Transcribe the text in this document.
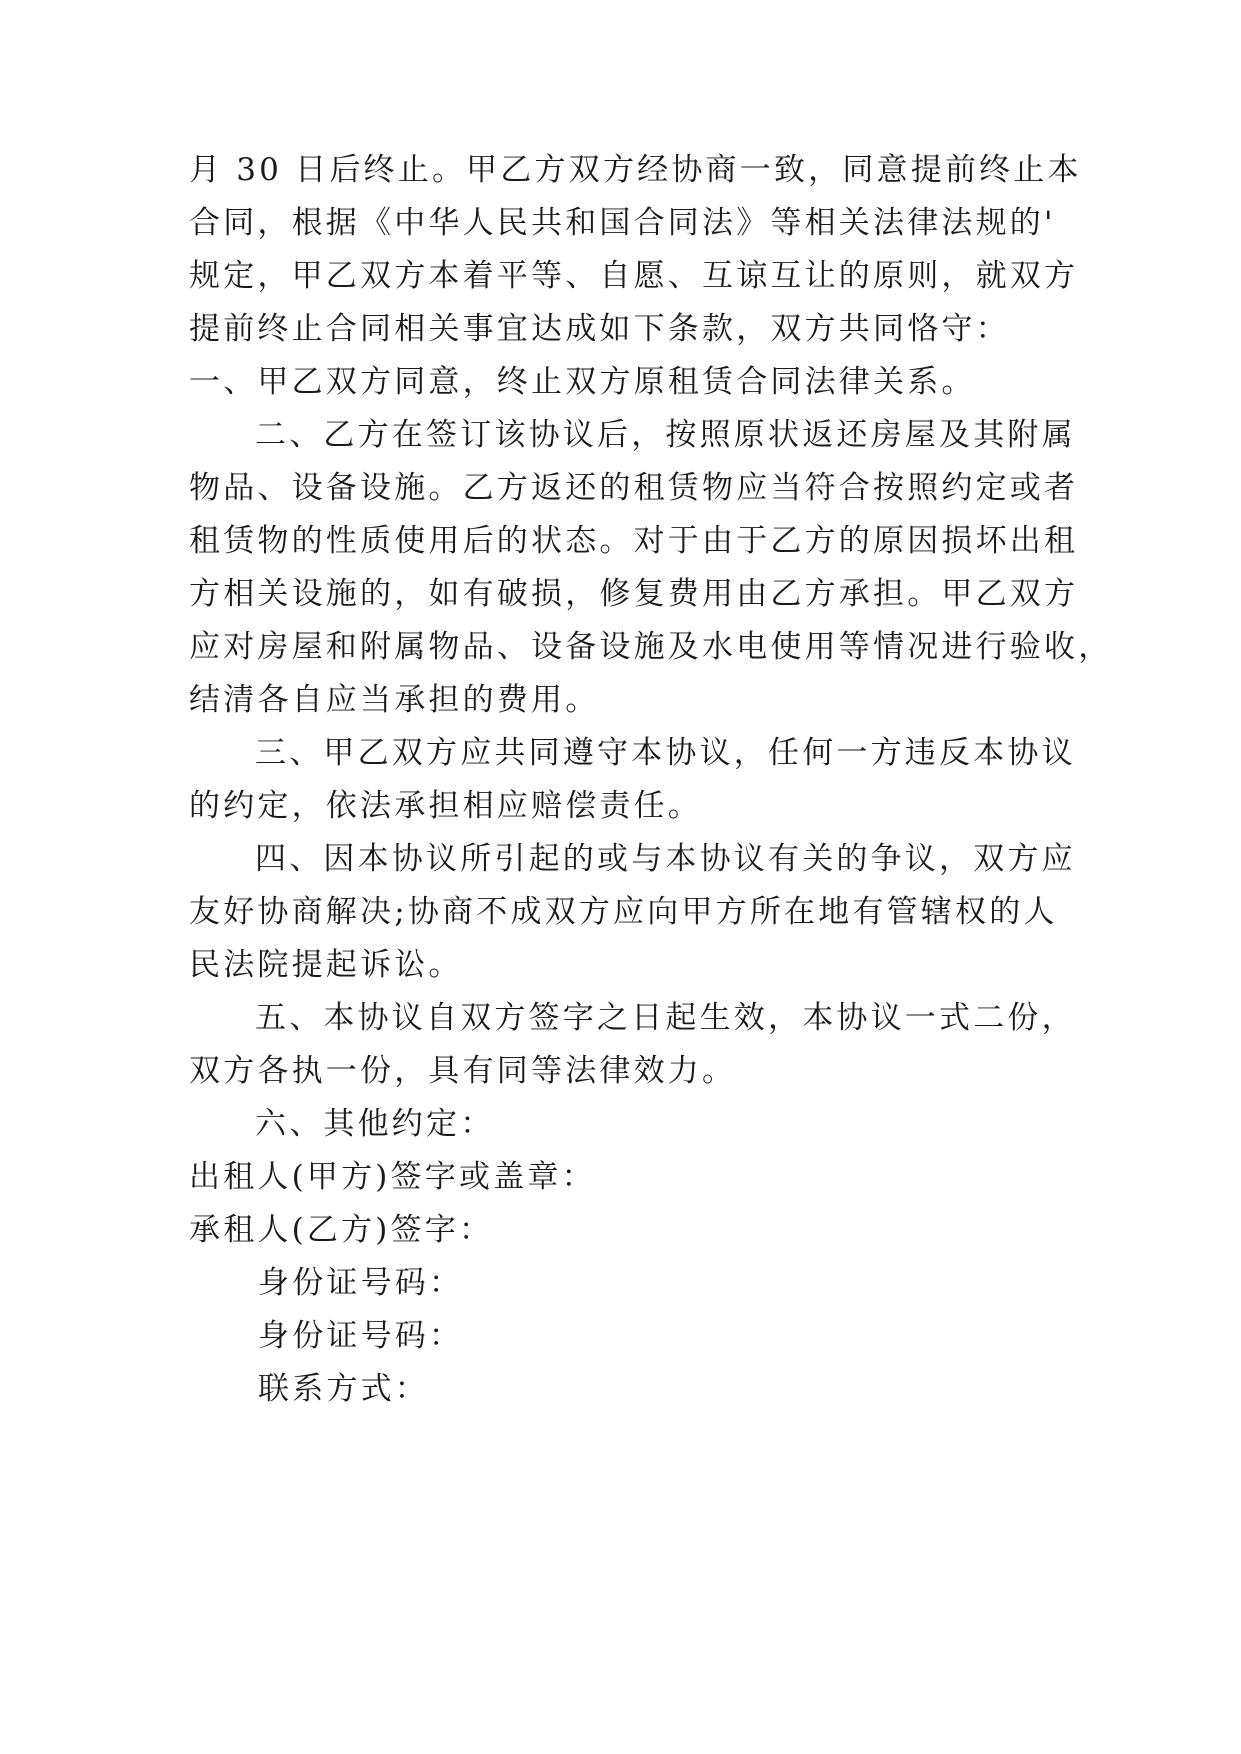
月 30 日后终止。甲乙方双方经协商一致，同意提前终止本
合同，根据《中华人民共和国合同法》等相关法律法规的'
规定，甲乙双方本着平等、自愿、互谅互让的原则，就双方
提前终止合同相关事宜达成如下条款，双方共同恪守：
一、甲乙双方同意，终止双方原租赁合同法律关系。
二、乙方在签订该协议后，按照原状返还房屋及其附属
物品、设备设施。乙方返还的租赁物应当符合按照约定或者
租赁物的性质使用后的状态。对于由于乙方的原因损坏出租
方相关设施的，如有破损，修复费用由乙方承担。甲乙双方
应对房屋和附属物品、设备设施及水电使用等情况进行验收，
结清各自应当承担的费用。
三、甲乙双方应共同遵守本协议，任何一方违反本协议
的约定，依法承担相应赔偿责任。
四、因本协议所引起的或与本协议有关的争议，双方应
友好协商解决;协商不成双方应向甲方所在地有管辖权的人
民法院提起诉讼。
五、本协议自双方签字之日起生效，本协议一式二份，
双方各执一份，具有同等法律效力。
六、其他约定：
出租人(甲方)签字或盖章：
承租人(乙方)签字：
身份证号码：
身份证号码：
联系方式：
